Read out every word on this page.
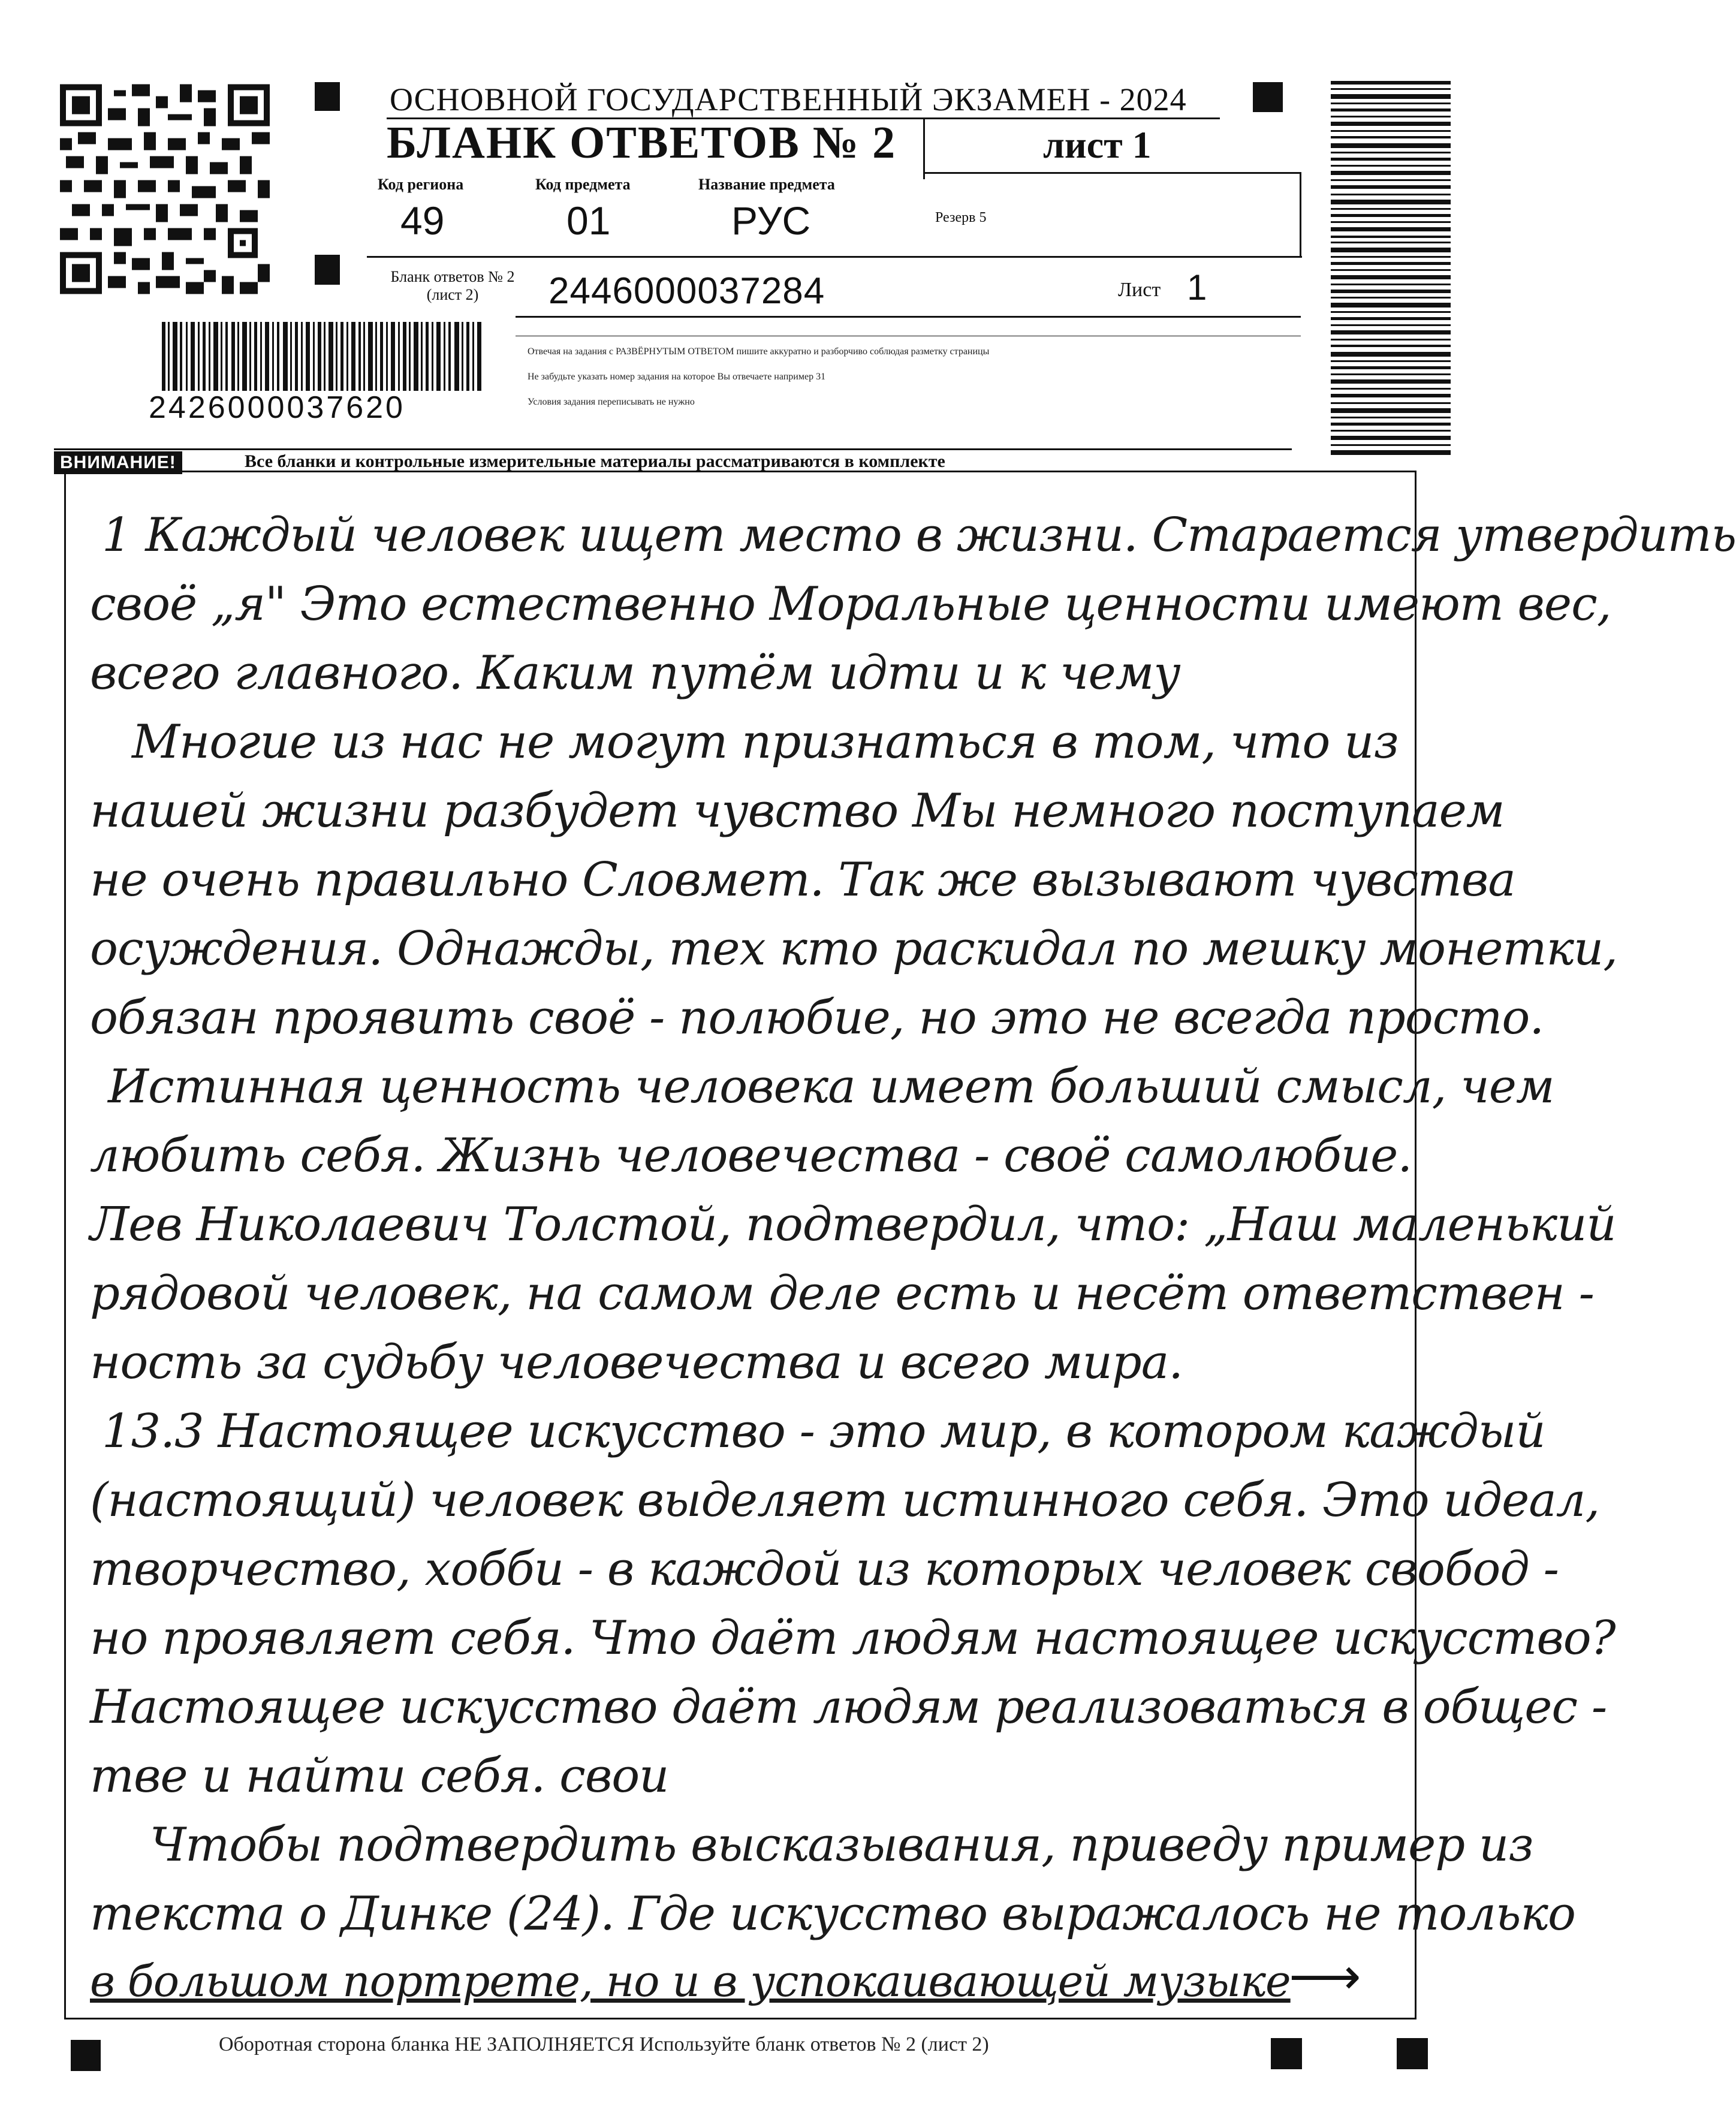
ОСНОВНОЙ ГОСУДАРСТВЕННЫЙ ЭКЗАМЕН - 2024
БЛАНК ОТВЕТОВ № 2	лист 1
Код региона	Код предмета	Название предмета
49	01	РУС	Резерв 5
Бланк ответов № 2
(лист 2)	2446000037284	Лист 1
2426000037620
Отвечая на задания с РАЗВЁРНУТЫМ ОТВЕТОМ пишите аккуратно и разборчиво соблюдая разметку страницы
Не забудьте указать номер задания на которое Вы отвечаете например 31
Условия задания переписывать не нужно
ВНИМАНИЕ!	Все бланки и контрольные измерительные материалы рассматриваются в комплекте
1 Каждый человек ищет место в жизни. Старается утвердить
своё „я" Это естественно Моральные ценности имеют вес,
всего главного. Каким путём идти и к чему
Многие из нас не могут признаться в том, что из
нашей жизни разбудет чувство Мы немного поступаем
не очень правильно Словмет. Так же вызывают чувства
осуждения. Однажды, тех кто раскидал по мешку монетки,
обязан проявить своё - полюбие, но это не всегда просто.
Истинная ценность человека имеет больший смысл, чем
любить себя. Жизнь человечества - своё самолюбие.
Лев Николаевич Толстой, подтвердил, что: „Наш маленький
рядовой человек, на самом деле есть и несёт ответствен -
ность за судьбу человечества и всего мира.
13.3 Настоящее искусство - это мир, в котором каждый
(настоящий) человек выделяет истинного себя. Это идеал,
творчество, хобби - в каждой из которых человек свобод -
но проявляет себя. Что даёт людям настоящее искусство?
Настоящее искусство даёт людям реализоваться в общес -
тве и найти себя. свои
Чтобы подтвердить высказывания, приведу пример из
текста о Динке (24). Где искусство выражалось не только
в большом портрете, но и в успокаивающей музыке
⟶
Оборотная сторона бланка НЕ ЗАПОЛНЯЕТСЯ Используйте бланк ответов № 2 (лист 2)
